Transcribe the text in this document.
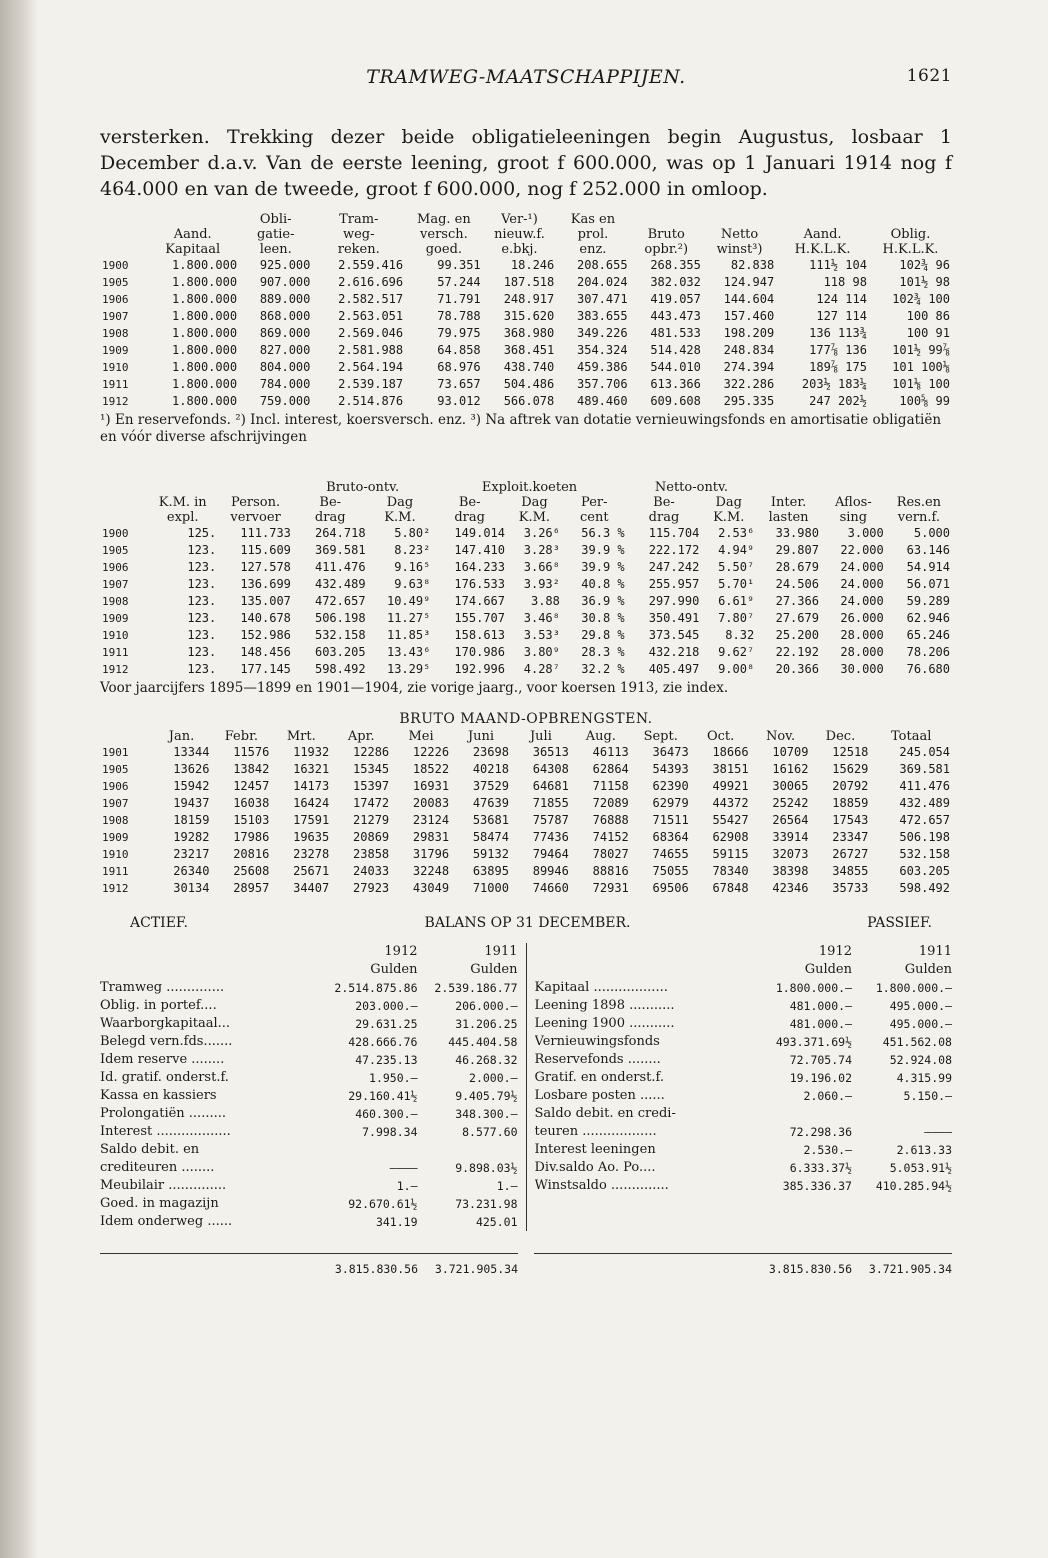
TRAMWEG-MAATSCHAPPIJEN.	1621

versterken. Trekking dezer beide obligatieleeningen begin Augustus, losbaar 1 December d.a.v. Van de eerste leening, groot f 600.000, was op 1 Januari 1914 nog f 464.000 en van de tweede, groot f 600.000, nog f 252.000 in omloop.

		Obli-	Tram-	Mag. en	Ver-¹)	Kas en				
	Aand.	gatie-	weg-	versch.	nieuw.f.	prol.	Bruto	Netto	Aand.	Oblig.
	Kapitaal	leen.	reken.	goed.	e.bkj.	enz.	opbr.²)	winst³)	H.K.L.K.	H.K.L.K.
1900	1.800.000	925.000	2.559.416	99.351	18.246	208.655	268.355	82.838	111½ 104	102¾ 96
1905	1.800.000	907.000	2.616.696	57.244	187.518	204.024	382.032	124.947	118 98	101½ 98
1906	1.800.000	889.000	2.582.517	71.791	248.917	307.471	419.057	144.604	124 114	102¾ 100
1907	1.800.000	868.000	2.563.051	78.788	315.620	383.655	443.473	157.460	127 114	100 86
1908	1.800.000	869.000	2.569.046	79.975	368.980	349.226	481.533	198.209	136 113¾	100 91
1909	1.800.000	827.000	2.581.988	64.858	368.451	354.324	514.428	248.834	177⅞ 136	101½ 99⅞
1910	1.800.000	804.000	2.564.194	68.976	438.740	459.386	544.010	274.394	189⅞ 175	101 100⅛
1911	1.800.000	784.000	2.539.187	73.657	504.486	357.706	613.366	322.286	203½ 183¼	101⅛ 100
1912	1.800.000	759.000	2.514.876	93.012	566.078	489.460	609.608	295.335	247 202½	100⅝ 99

¹) En reservefonds. ²) Incl. interest, koersversch. enz. ³) Na aftrek van dotatie vernieuwingsfonds en amortisatie obligatiën en vóór diverse afschrijvingen

			Bruto-ontv.		Exploit.koeten			Netto-ontv.				
	K.M. in	Person.	Be-	Dag	Be-	Dag	Per-	Be-	Dag	Inter.	Aflos-	Res.en
	expl.	vervoer	drag	K.M.	drag	K.M.	cent	drag	K.M.	lasten	sing	vern.f.
1900	125.	111.733	264.718	5.80²	149.014	3.26⁶	56.3 %	115.704	2.53⁶	33.980	3.000	5.000
1905	123.	115.609	369.581	8.23²	147.410	3.28³	39.9 %	222.172	4.94⁹	29.807	22.000	63.146
1906	123.	127.578	411.476	9.16⁵	164.233	3.66⁸	39.9 %	247.242	5.50⁷	28.679	24.000	54.914
1907	123.	136.699	432.489	9.63⁸	176.533	3.93²	40.8 %	255.957	5.70¹	24.506	24.000	56.071
1908	123.	135.007	472.657	10.49⁹	174.667	3.88	36.9 %	297.990	6.61⁹	27.366	24.000	59.289
1909	123.	140.678	506.198	11.27⁵	155.707	3.46⁸	30.8 %	350.491	7.80⁷	27.679	26.000	62.946
1910	123.	152.986	532.158	11.85³	158.613	3.53³	29.8 %	373.545	8.32	25.200	28.000	65.246
1911	123.	148.456	603.205	13.43⁶	170.986	3.80⁹	28.3 %	432.218	9.62⁷	22.192	28.000	78.206
1912	123.	177.145	598.492	13.29⁵	192.996	4.28⁷	32.2 %	405.497	9.00⁸	20.366	30.000	76.680

Voor jaarcijfers 1895—1899 en 1901—1904, zie vorige jaarg., voor koersen 1913, zie index.

BRUTO MAAND-OPBRENGSTEN.
	Jan.	Febr.	Mrt.	Apr.	Mei	Juni	Juli	Aug.	Sept.	Oct.	Nov.	Dec.	Totaal
1901	13344	11576	11932	12286	12226	23698	36513	46113	36473	18666	10709	12518	245.054
1905	13626	13842	16321	15345	18522	40218	64308	62864	54393	38151	16162	15629	369.581
1906	15942	12457	14173	15397	16931	37529	64681	71158	62390	49921	30065	20792	411.476
1907	19437	16038	16424	17472	20083	47639	71855	72089	62979	44372	25242	18859	432.489
1908	18159	15103	17591	21279	23124	53681	75787	76888	71511	55427	26564	17543	472.657
1909	19282	17986	19635	20869	29831	58474	77436	74152	68364	62908	33914	23347	506.198
1910	23217	20816	23278	23858	31796	59132	79464	78027	74655	59115	32073	26727	532.158
1911	26340	25608	25671	24033	32248	63895	89946	88816	75055	78340	38398	34855	603.205
1912	30134	28957	34407	27923	43049	71000	74660	72931	69506	67848	42346	35733	598.492
ACTIEF.	BALANS OP 31 DECEMBER.	PASSIEF.
1912	1911
Gulden	Gulden
Tramweg ..............	2.514.875.86	2.539.186.77
Oblig. in portef....	203.000.—	206.000.—
Waarborgkapitaal...	29.631.25	31.206.25
Belegd vern.fds.......	428.666.76	445.404.58
Idem reserve ........	47.235.13	46.268.32
Id. gratif. onderst.f.	1.950.—	2.000.—
Kassa en kassiers	29.160.41½	9.405.79½
Prolongatiën .........	460.300.—	348.300.—
Interest ..................	7.998.34	8.577.60
Saldo debit. en
crediteuren ........	————	9.898.03½
Meubilair ..............	1.—	1.—
Goed. in magazijn	92.670.61½	73.231.98
Idem onderweg ......	341.19	425.01
1912	1911
Gulden	Gulden
Kapitaal ..................	1.800.000.—	1.800.000.—
Leening 1898 ...........	481.000.—	495.000.—
Leening 1900 ...........	481.000.—	495.000.—
Vernieuwingsfonds	493.371.69½	451.562.08
Reservefonds ........	72.705.74	52.924.08
Gratif. en onderst.f.	19.196.02	4.315.99
Losbare posten ......	2.060.—	5.150.—
Saldo debit. en credi-
teuren ..................	72.298.36	————
Interest leeningen	2.530.—	2.613.33
Div.saldo Ao. Po....	6.333.37½	5.053.91½
Winstsaldo ..............	385.336.37	410.285.94½
3.815.830.56	3.721.905.34	3.815.830.56	3.721.905.34
